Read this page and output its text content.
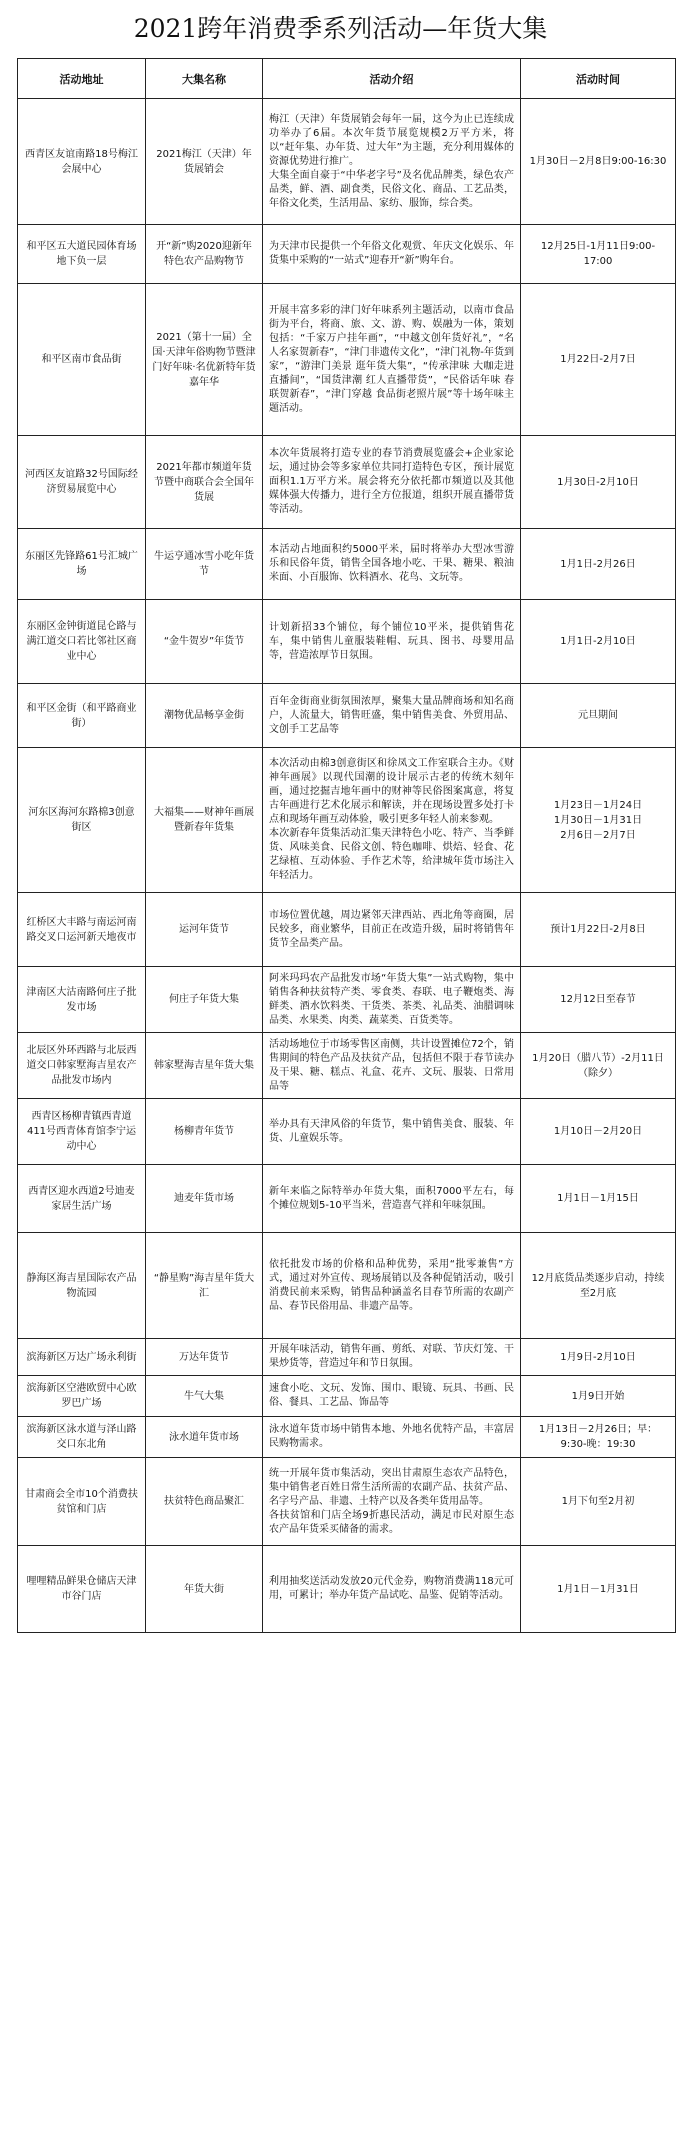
2021跨年消费季系列活动—年货大集
活动地址	大集名称	活动介绍	活动时间
西青区友谊南路18号梅江会展中心	2021梅江（天津）年货展销会	梅江（天津）年货展销会每年一届，这今为止已连续成功举办了6届。本次年货节展览规模2万平方米，将以“赶年集、办年货、过大年”为主题，充分利用媒体的资源优势进行推广。
大集全面自豪于“中华老字号”及名优品牌类，绿色农产品类，鲜、酒、副食类，民俗文化、商品、工艺品类，年俗文化类，生活用品、家纺、服饰，综合类。	1月30日－2月8日9:00-16:30
和平区五大道民园体育场地下负一层	开“新”购2020迎新年特色农产品购物节	为天津市民提供一个年俗文化观赏、年庆文化娱乐、年货集中采购的“一站式”迎春开“新”购年台。	12月25日-1月11日9:00-17:00
和平区南市食品街	2021（第十一届）全国·天津年俗购物节暨津门好年味·名优新特年货嘉年华	开展丰富多彩的津门好年味系列主题活动，以南市食品街为平台，将商、旅、文、游、购、娱融为一体，策划包括：“千家万户挂年画”，“中越文创年货好礼”，“名人名家贺新春”，“津门非遗传文化”，“津门礼物-年货到家”，“游津门美景 逛年货大集”，“传承津味 大咖走进直播间”，“国货津潮 红人直播带货”，“民俗话年味 春联贺新春”，“津门穿越 食品街老照片展”等十场年味主题活动。	1月22日-2月7日
河西区友谊路32号国际经济贸易展览中心	2021年都市频道年货节暨中商联合会全国年货展	本次年货展将打造专业的春节消费展览盛会+企业家论坛，通过协会等多家单位共同打造特色专区，预计展览面积1.1万平方米。展会将充分依托都市频道以及其他媒体强大传播力，进行全方位报道，组织开展直播带货等活动。	1月30日-2月10日
东丽区先锋路61号汇城广场	牛运亨通冰雪小吃年货节	本活动占地面积约5000平米，届时将举办大型冰雪游乐和民俗年货，销售全国各地小吃、干果、糖果、粮油米面、小百服饰、饮料酒水、花鸟、文玩等。	1月1日-2月26日
东丽区金钟街道昆仑路与满江道交口若比邻社区商业中心	“金牛贺岁”年货节	计划新招33个铺位，每个铺位10平米，提供销售花车，集中销售儿童服装鞋帽、玩具、图书、母婴用品等，营造浓厚节日氛围。	1月1日-2月10日
和平区金街（和平路商业街）	潮物优品畅享金街	百年金街商业街氛围浓厚，聚集大量品牌商场和知名商户，人流量大，销售旺盛，集中销售美食、外贸用品、文创手工艺品等	元旦期间
河东区海河东路棉3创意街区	大福集——财神年画展暨新春年货集	本次活动由棉3创意街区和徐凤文工作室联合主办。《财神年画展》以现代国潮的设计展示古老的传统木刻年画，通过挖掘吉地年画中的财神等民俗图案寓意，将复古年画进行艺术化展示和解读，并在现场设置多处打卡点和现场年画互动体验，吸引更多年轻人前来参观。
本次新春年货集活动汇集天津特色小吃、特产、当季鲜货、风味美食、民俗文创、特色咖啡、烘焙、轻食、花艺绿植、互动体验、手作艺术等，给津城年货市场注入年轻活力。	1月23日－1月24日
1月30日－1月31日
2月6日－2月7日
红桥区大丰路与南运河南路交叉口运河新天地夜市	运河年货节	市场位置优越，周边紧邻天津西站、西北角等商圈，居民较多，商业繁华，目前正在改造升级，届时将销售年货节全品类产品。	预计1月22日-2月8日
津南区大沽南路何庄子批发市场	何庄子年货大集	阿米玛玛农产品批发市场“年货大集”一站式购物，集中销售各种扶贫特产类、零食类、春联、电子鞭炮类、海鲜类、酒水饮料类、干货类、茶类、礼品类、油腊调味品类、水果类、肉类、蔬菜类、百货类等。	12月12日至春节
北辰区外环西路与北辰西道交口韩家墅海吉星农产品批发市场内	韩家墅海吉星年货大集	活动场地位于市场零售区南侧，共计设置摊位72个，销售期间的特色产品及扶贫产品，包括但不限于春节读办及干果、糖、糕点、礼盒、花卉、文玩、服装、日常用品等	1月20日（腊八节）-2月11日（除夕）
西青区杨柳青镇西青道411号西青体育馆李宁运动中心	杨柳青年货节	举办具有天津风俗的年货节，集中销售美食、服装、年货、儿童娱乐等。	1月10日－2月20日
西青区迎水西道2号迪麦家居生活广场	迪麦年货市场	新年来临之际特举办年货大集，面积7000平左右，每个摊位规划5-10平当米，营造喜气祥和年味氛围。	1月1日－1月15日
静海区海吉星国际农产品物流园	“静星购”海吉星年货大汇	依托批发市场的价格和品种优势，采用“批零兼售”方式，通过对外宣传、现场展销以及各种促销活动，吸引消费民前来采购，销售品种涵盖名目春节所需的农副产品、春节民俗用品、非遗产品等。	12月底货品类逐步启动，持续至2月底
滨海新区万达广场永利街	万达年货节	开展年味活动，销售年画、剪纸、对联、节庆灯笼、干果炒货等，营造过年和节日氛围。	1月9日-2月10日
滨海新区空港欧贸中心欧罗巴广场	牛气大集	速食小吃、文玩、发饰、围巾、眼镜、玩具、书画、民俗、餐具、工艺品、饰品等	1月9日开始
滨海新区泳水道与泽山路交口东北角	泳水道年货市场	泳水道年货市场中销售本地、外地名优特产品，丰富居民购物需求。	1月13日－2月26日；早：9:30-晚：19:30
甘肃商会全市10个消费扶贫馆和门店	扶贫特色商品聚汇	统一开展年货市集活动，突出甘肃原生态农产品特色，集中销售老百姓日常生活所需的农副产品、扶贫产品、名字号产品、非遗、土特产以及各类年货用品等。
各扶贫馆和门店全场9折惠民活动，满足市民对原生态农产品年货采买储备的需求。	1月下旬至2月初
哩哩精品鲜果仓储店天津市谷门店	年货大街	利用抽奖送活动发放20元代金券，购物消费满118元可用，可累计；举办年货产品试吃、品鉴、促销等活动。	1月1日－1月31日
